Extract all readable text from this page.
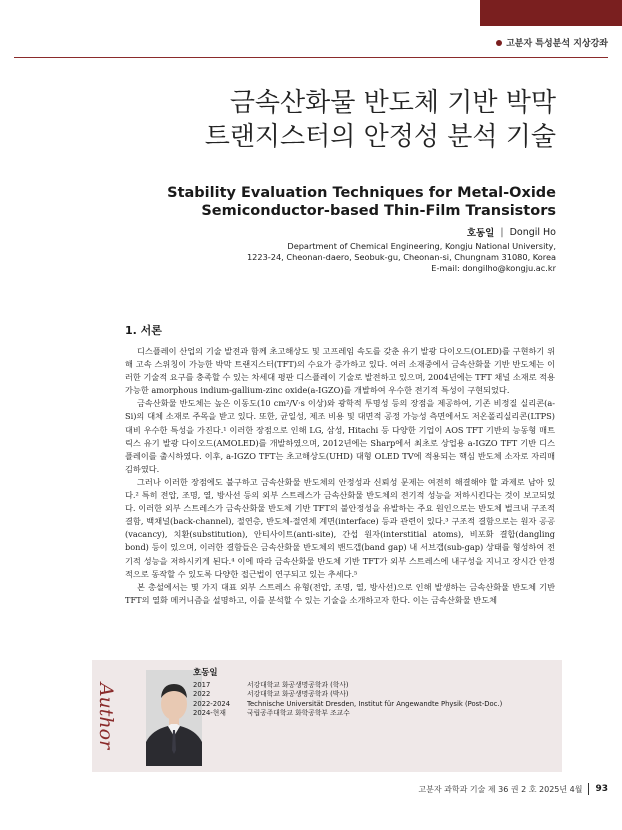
고분자 특성분석 지상강좌
금속산화물 반도체 기반 박막
트랜지스터의 안정성 분석 기술
Stability Evaluation Techniques for Metal-Oxide
Semiconductor-based Thin-Film Transistors
호동일 | Dongil Ho
Department of Chemical Engineering, Kongju National University,
1223-24, Cheonan-daero, Seobuk-gu, Cheonan-si, Chungnam 31080, Korea
E-mail: dongilho@kongju.ac.kr
1. 서론

디스플레이 산업의 기술 발전과 함께 초고해상도 및 고프레임 속도를 갖춘 유기 발광 다이오드(OLED)를 구현하기 위해 고속 스위칭이 가능한 박막 트랜지스터(TFT)의 수요가 증가하고 있다. 여러 소재중에서 금속산화물 기반 반도체는 이러한 기술적 요구를 충족할 수 있는 차세대 평판 디스플레이 기술로 발전하고 있으며, 2004년에는 TFT 채널 소재로 적용가능한 amorphous indium-gallium-zinc oxide(a-IGZO)를 개발하여 우수한 전기적 특성이 구현되었다.

금속산화물 반도체는 높은 이동도(10 cm²/V·s 이상)와 광학적 투명성 등의 장점을 제공하여, 기존 비정질 실리콘(a-Si)의 대체 소재로 주목을 받고 있다. 또한, 균일성, 제조 비용 및 대면적 공정 가능성 측면에서도 저온폴리실리콘(LTPS) 대비 우수한 특성을 가진다.¹ 이러한 장점으로 인해 LG, 삼성, Hitachi 등 다양한 기업이 AOS TFT 기반의 능동형 매트릭스 유기 발광 다이오드(AMOLED)를 개발하였으며, 2012년에는 Sharp에서 최초로 상업용 a-IGZO TFT 기반 디스플레이를 출시하였다. 이후, a-IGZO TFT는 초고해상도(UHD) 대형 OLED TV에 적용되는 핵심 반도체 소자로 자리매김하였다.

그러나 이러한 장점에도 불구하고 금속산화물 반도체의 안정성과 신뢰성 문제는 여전히 해결해야 할 과제로 남아 있다.² 특히 전압, 조명, 열, 방사선 등의 외부 스트레스가 금속산화물 반도체의 전기적 성능을 저하시킨다는 것이 보고되었다. 이러한 외부 스트레스가 금속산화물 반도체 기반 TFT의 불안정성을 유발하는 주요 원인으로는 반도체 벌크내 구조적 결함, 백채널(back-channel), 절연층, 반도체-절연체 계면(interface) 등과 관련이 있다.³ 구조적 결함으로는 원자 공공(vacancy), 치환(substitution), 안티사이트(anti-site), 간섭 원자(interstitial atoms), 비포화 결합(dangling bond) 등이 있으며, 이러한 결함들은 금속산화물 반도체의 밴드갭(band gap) 내 서브갭(sub-gap) 상태를 형성하여 전기적 성능을 저하시키게 된다.⁴ 이에 따라 금속산화물 반도체 기반 TFT가 외부 스트레스에 내구성을 지니고 장시간 안정적으로 동작할 수 있도록 다양한 접근법이 연구되고 있는 추세다.⁵

본 총설에서는 몇 가지 대표 외부 스트레스 유형(전압, 조명, 열, 방사선)으로 인해 발생하는 금속산화물 반도체 기반 TFT의 열화 메커니즘을 설명하고, 이를 분석할 수 있는 기술을 소개하고자 한다. 이는 금속산화물 반도체

Author
호동일
2017	서강대학교 화공생명공학과 (학사)
2022	서강대학교 화공생명공학과 (박사)
2022-2024	Technische Universität Dresden, Institut für Angewandte Physik (Post-Doc.)
2024-현재	국립공주대학교 화학공학부 조교수
고분자 과학과 기술 제 36 권 2 호 2025년 4월 93
